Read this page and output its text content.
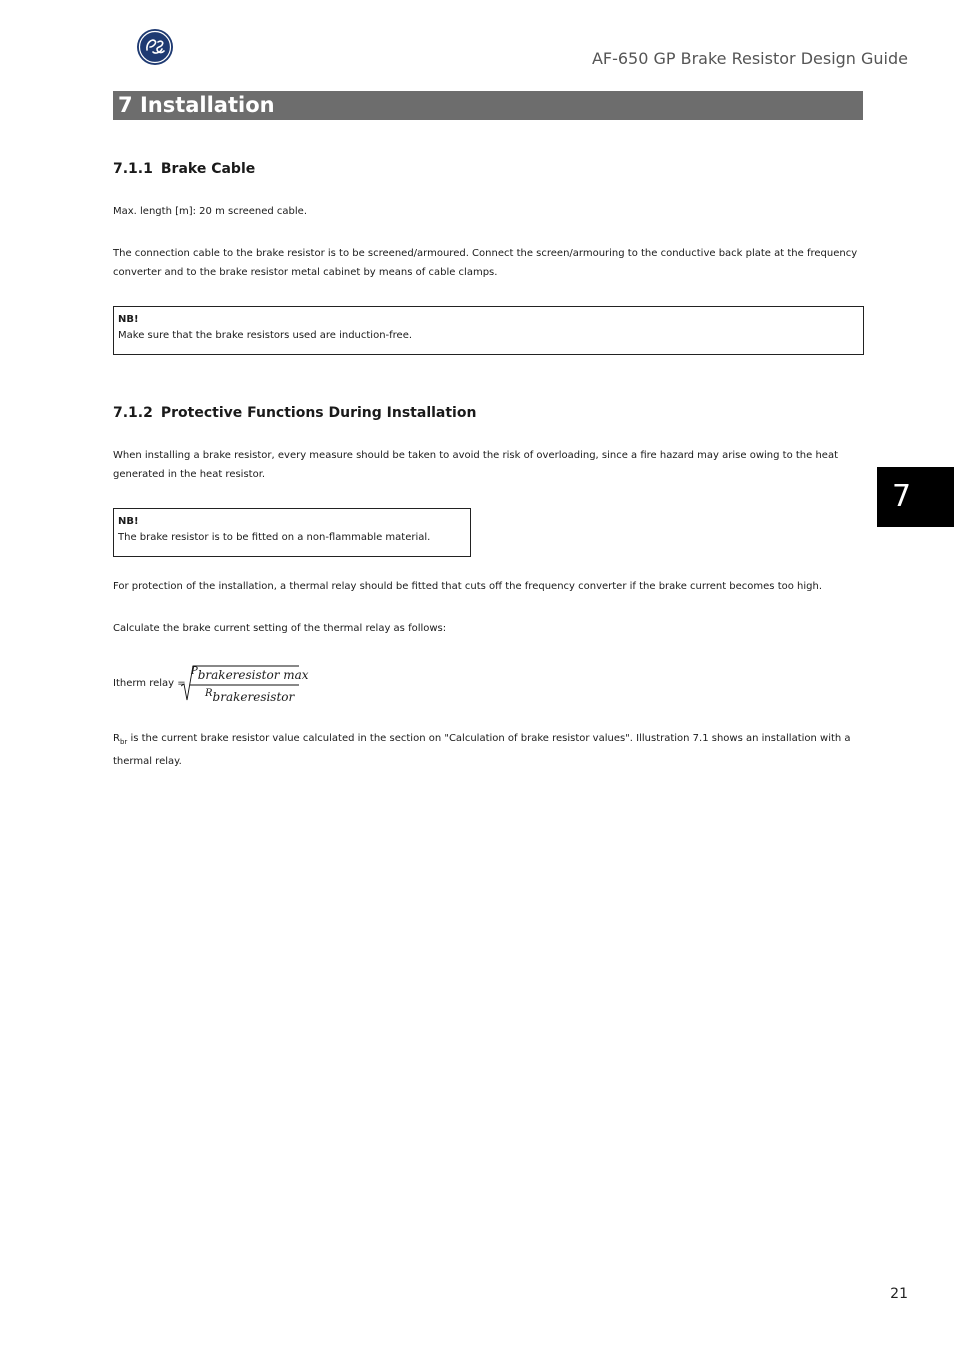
AF-650 GP Brake Resistor Design Guide
7 Installation
7.1.1 Brake Cable
Max. length [m]: 20 m screened cable.
The connection cable to the brake resistor is to be screened/armoured. Connect the screen/armouring to the conductive back plate at the frequency converter and to the brake resistor metal cabinet by means of cable clamps.
NB!
Make sure that the brake resistors used are induction-free.
7.1.2 Protective Functions During Installation
When installing a brake resistor, every measure should be taken to avoid the risk of overloading, since a fire hazard may arise owing to the heat generated in the heat resistor.
NB!
The brake resistor is to be fitted on a non-flammable material.
For protection of the installation, a thermal relay should be fitted that cuts off the frequency converter if the brake current becomes too high.
Calculate the brake current setting of the thermal relay as follows:
Itherm relay =
$^P$brakeresistor max
$^R$brakeresistor
$R_{br}$ is the current brake resistor value calculated in the section on "Calculation of brake resistor values". Illustration 7.1 shows an installation with a thermal relay.
7
21
